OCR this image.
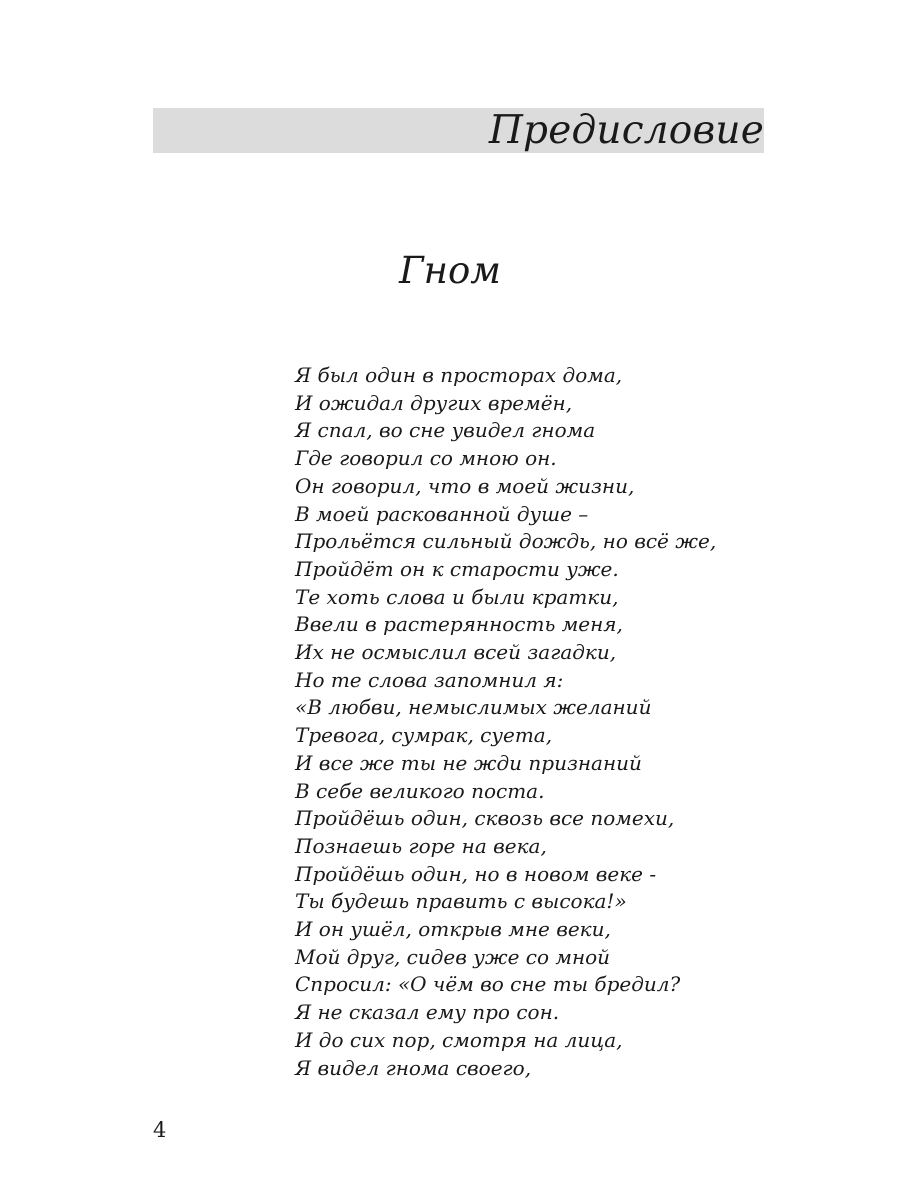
Предисловие
Гном
Я был один в просторах дома,
И ожидал других времён,
Я спал, во сне увидел гнома
Где говорил со мною он.
Он говорил, что в моей жизни,
В моей раскованной душе –
Прольётся сильный дождь, но всё же,
Пройдёт он к старости уже.
Те хоть слова и были кратки,
Ввели в растерянность меня,
Их не осмыслил всей загадки,
Но те слова запомнил я:
«В любви, немыслимых желаний
Тревога, сумрак, суета,
И все же ты не жди признаний
В себе великого поста.
Пройдёшь один, сквозь все помехи,
Познаешь горе на века,
Пройдёшь один, но в новом веке -
Ты будешь править с высока!»
И он ушёл, открыв мне веки,
Мой друг, сидев уже со мной
Спросил: «О чём во сне ты бредил?
Я не сказал ему про сон.
И до сих пор, смотря на лица,
Я видел гнома своего,
4
